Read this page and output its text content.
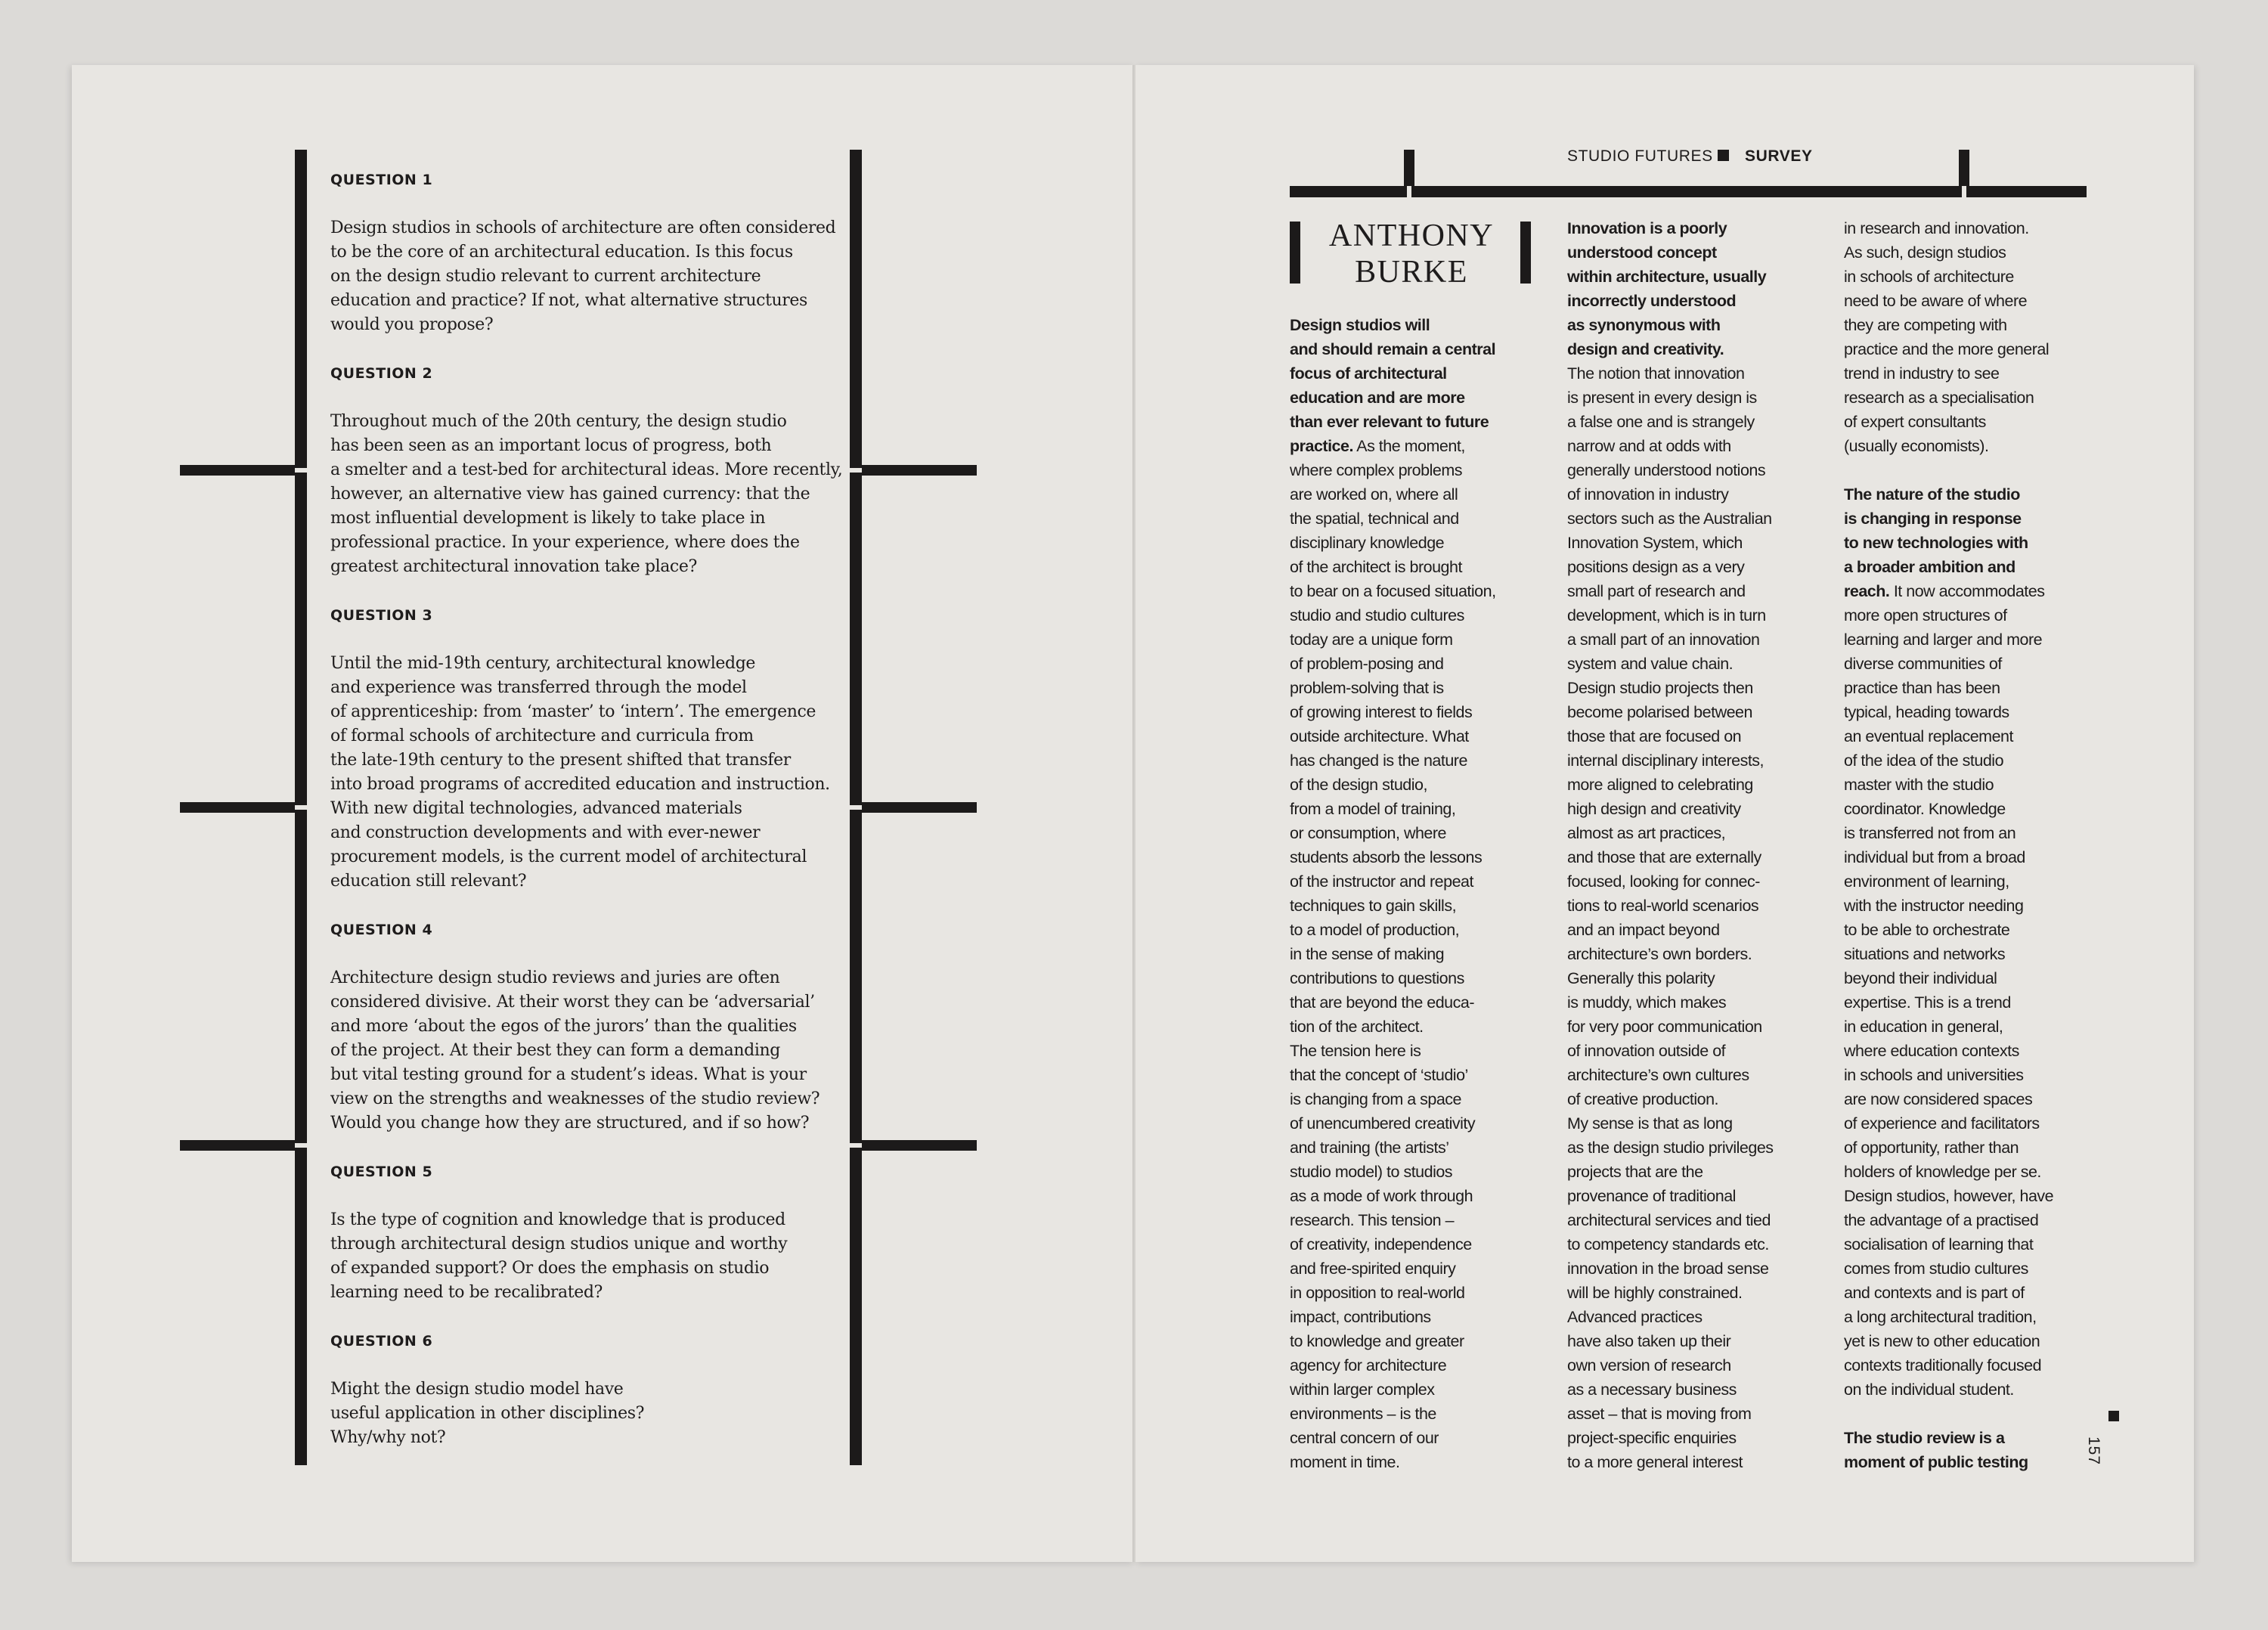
QUESTION 1
Design studios in schools of architecture are often considered
to be the core of an architectural education. Is this focus
on the design studio relevant to current architecture
education and practice? If not, what alternative structures
would you propose?
QUESTION 2
Throughout much of the 20th century, the design studio
has been seen as an important locus of progress, both
a smelter and a test-bed for architectural ideas. More recently,
however, an alternative view has gained currency: that the
most influential development is likely to take place in
professional practice. In your experience, where does the
greatest architectural innovation take place?
QUESTION 3
Until the mid-19th century, architectural knowledge
and experience was transferred through the model
of apprenticeship: from ‘master’ to ‘intern’. The emergence
of formal schools of architecture and curricula from
the late-19th century to the present shifted that transfer
into broad programs of accredited education and instruction.
With new digital technologies, advanced materials
and construction developments and with ever-newer
procurement models, is the current model of architectural
education still relevant?
QUESTION 4
Architecture design studio reviews and juries are often
considered divisive. At their worst they can be ‘adversarial’
and more ‘about the egos of the jurors’ than the qualities
of the project. At their best they can form a demanding
but vital testing ground for a student’s ideas. What is your
view on the strengths and weaknesses of the studio review?
Would you change how they are structured, and if so how?
QUESTION 5
Is the type of cognition and knowledge that is produced
through architectural design studios unique and worthy
of expanded support? Or does the emphasis on studio
learning need to be recalibrated?
QUESTION 6
Might the design studio model have
useful application in other disciplines?
Why/why not?
STUDIO FUTURES SURVEY
ANTHONY
BURKE

Design studios will
and should remain a central
focus of architectural
education and are more
than ever relevant to future
practice. As the moment,
where complex problems
are worked on, where all
the spatial, technical and
disciplinary knowledge
of the architect is brought
to bear on a focused situation,
studio and studio cultures
today are a unique form
of problem-posing and
problem-solving that is
of growing interest to fields
outside architecture. What
has changed is the nature
of the design studio,
from a model of training,
or consumption, where
students absorb the lessons
of the instructor and repeat
techniques to gain skills,
to a model of production,
in the sense of making
contributions to questions
that are beyond the educa-
tion of the architect.
The tension here is
that the concept of ‘studio’
is changing from a space
of unencumbered creativity
and training (the artists’
studio model) to studios
as a mode of work through
research. This tension –
of creativity, independence
and free-spirited enquiry
in opposition to real-world
impact, contributions
to knowledge and greater
agency for architecture
within larger complex
environments – is the
central concern of our
moment in time.
Innovation is a poorly
understood concept
within architecture, usually
incorrectly understood
as synonymous with
design and creativity.
The notion that innovation
is present in every design is
a false one and is strangely
narrow and at odds with
generally understood notions
of innovation in industry
sectors such as the Australian
Innovation System, which
positions design as a very
small part of research and
development, which is in turn
a small part of an innovation
system and value chain.
Design studio projects then
become polarised between
those that are focused on
internal disciplinary interests,
more aligned to celebrating
high design and creativity
almost as art practices,
and those that are externally
focused, looking for connec-
tions to real-world scenarios
and an impact beyond
architecture’s own borders.
Generally this polarity
is muddy, which makes
for very poor communication
of innovation outside of
architecture’s own cultures
of creative production.
My sense is that as long
as the design studio privileges
projects that are the
provenance of traditional
architectural services and tied
to competency standards etc.
innovation in the broad sense
will be highly constrained.
Advanced practices
have also taken up their
own version of research
as a necessary business
asset – that is moving from
project-specific enquiries
to a more general interest
in research and innovation.
As such, design studios
in schools of architecture
need to be aware of where
they are competing with
practice and the more general
trend in industry to see
research as a specialisation
of expert consultants
(usually economists).

The nature of the studio
is changing in response
to new technologies with
a broader ambition and
reach. It now accommodates
more open structures of
learning and larger and more
diverse communities of
practice than has been
typical, heading towards
an eventual replacement
of the idea of the studio
master with the studio
coordinator. Knowledge
is transferred not from an
individual but from a broad
environment of learning,
with the instructor needing
to be able to orchestrate
situations and networks
beyond their individual
expertise. This is a trend
in education in general,
where education contexts
in schools and universities
are now considered spaces
of experience and facilitators
of opportunity, rather than
holders of knowledge per se.
Design studios, however, have
the advantage of a practised
socialisation of learning that
comes from studio cultures
and contexts and is part of
a long architectural tradition,
yet is new to other education
contexts traditionally focused
on the individual student.

The studio review is a
moment of public testing	157
